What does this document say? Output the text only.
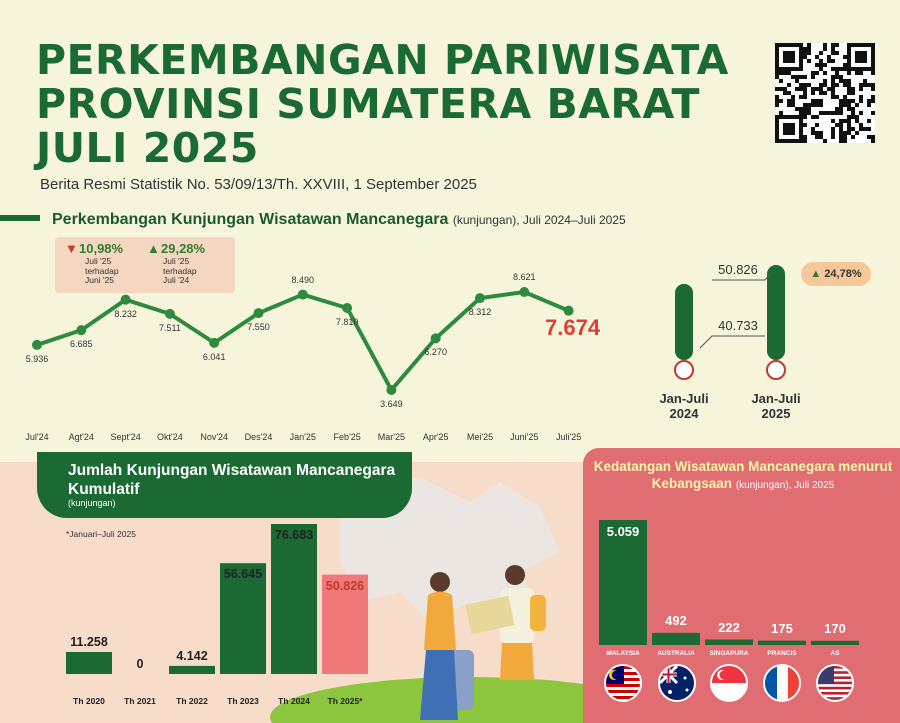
PERKEMBANGAN PARIWISATA PROVINSI SUMATERA BARAT JULI 2025
Berita Resmi Statistik No. 53/09/13/Th. XXVIII, 1 September 2025
Perkembangan Kunjungan Wisatawan Mancanegara (kunjungan), Juli 2024–Juli 2025
▼ 10,98%
Juli '25
terhadap
Juni '25
▲ 29,28%
Juli '25
terhadap
Juli '24
5.936
Jul'24
6.685
Agt'24
8.232
Sept'24
7.511
Okt'24
6.041
Nov'24
7.550
Des'24
8.490
Jan'25
7.810
Feb'25
3.649
Mar'25
6.270
Apr'25
8.312
Mei'25
8.621
Juni'25 Juli'25
7.674
Jan-Juli
2024
Jan-Juli
2025
40.733
50.826	▲ 24,78%
Jumlah Kunjungan Wisatawan Mancanegara Kumulatif
(kunjungan)
*Januari–Juli 2025
11.258
Th 2020
0
Th 2021
4.142
Th 2022
56.645
Th 2023
76.683
Th 2024
50.826
Th 2025*
Kedatangan Wisatawan Mancanegara menurut Kebangsaan (kunjungan), Juli 2025
5.059
MALAYSIA
492
AUSTRALIA
222
SINGAPURA
175
PRANCIS
170
AS
